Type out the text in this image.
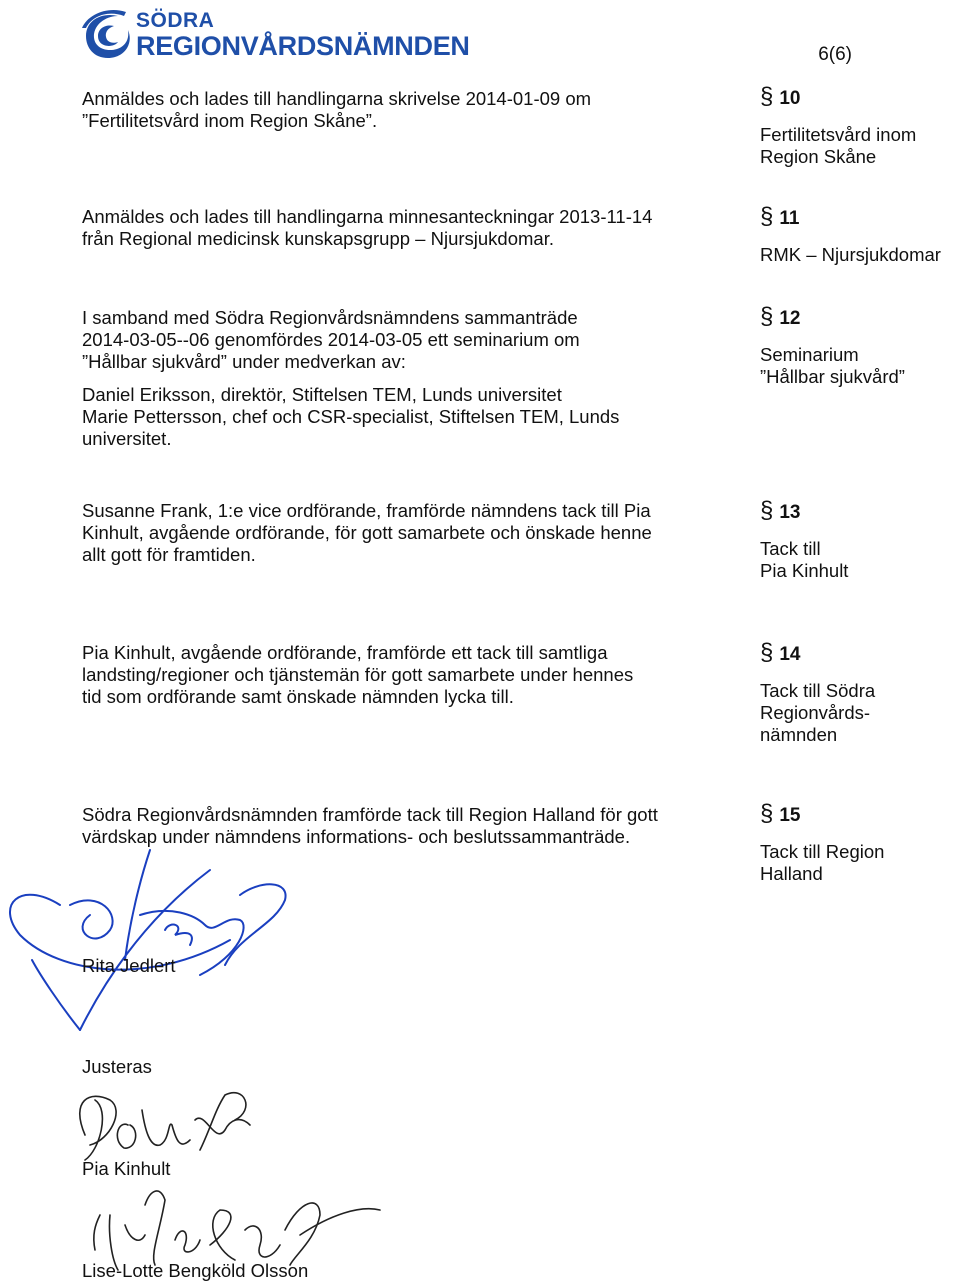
SÖDRA
REGIONVÅRDSNÄMNDEN	6(6)

Anmäldes och lades till handlingarna skrivelse 2014-01-09 om

”Fertilitetsvård inom Region Skåne”.

§ 10
Fertilitetsvård inom
Region Skåne

Anmäldes och lades till handlingarna minnesanteckningar 2013-11-14

från Regional medicinsk kunskapsgrupp – Njursjukdomar.

§ 11
RMK – Njursjukdomar

I samband med Södra Regionvårdsnämndens sammanträde

2014-03-05--06 genomfördes 2014-03-05 ett seminarium om

”Hållbar sjukvård” under medverkan av:

Daniel Eriksson, direktör, Stiftelsen TEM, Lunds universitet

Marie Pettersson, chef och CSR-specialist, Stiftelsen TEM, Lunds

universitet.

§ 12
Seminarium
”Hållbar sjukvård”

Susanne Frank, 1:e vice ordförande, framförde nämndens tack till Pia

Kinhult, avgående ordförande, för gott samarbete och önskade henne

allt gott för framtiden.

§ 13
Tack till
Pia Kinhult

Pia Kinhult, avgående ordförande, framförde ett tack till samtliga

landsting/regioner och tjänstemän för gott samarbete under hennes

tid som ordförande samt önskade nämnden lycka till.

§ 14
Tack till Södra
Regionvårds-
nämnden

Södra Regionvårdsnämnden framförde tack till Region Halland för gott

värdskap under nämndens informations- och beslutssammanträde.

§ 15
Tack till Region
Halland
Rita Jedlert
Justeras
Pia Kinhult
Lise-Lotte Bengköld Olsson
